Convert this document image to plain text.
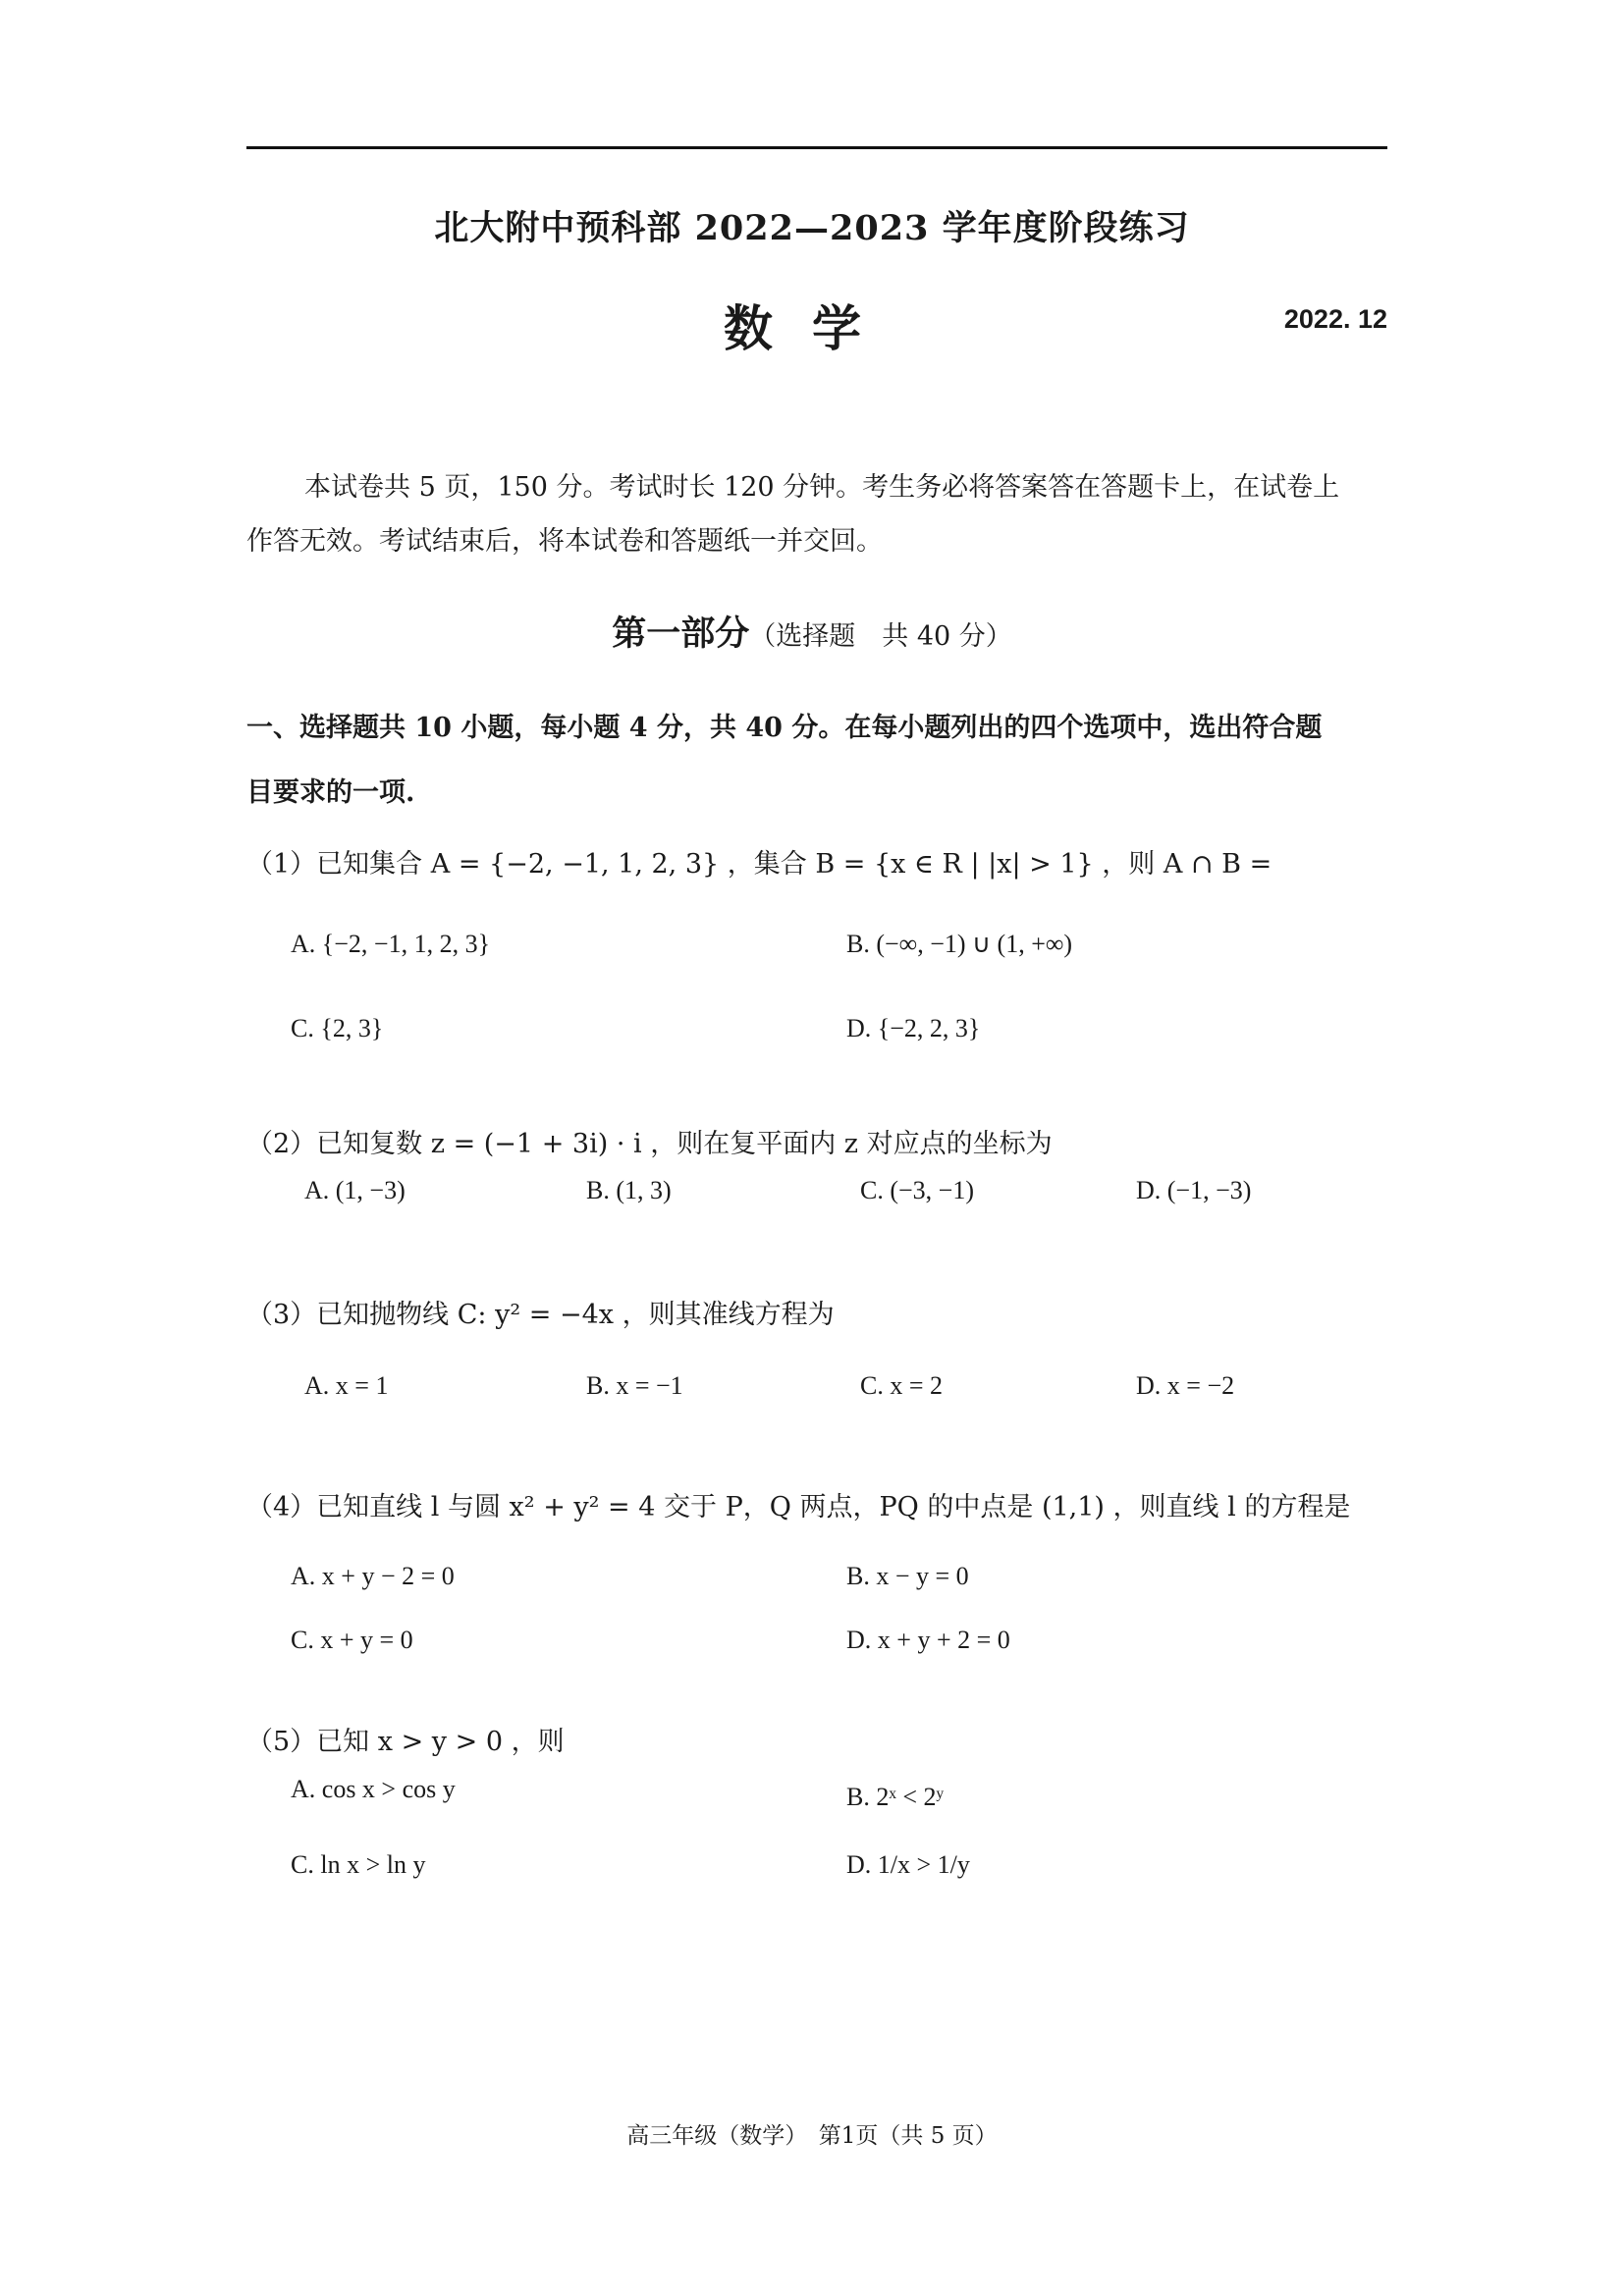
北大附中预科部 2022—2023 学年度阶段练习
数学	2022. 12
本试卷共 5 页，150 分。考试时长 120 分钟。考生务必将答案答在答题卡上，在试卷上
作答无效。考试结束后，将本试卷和答题纸一并交回。
第一部分（选择题　共 40 分）
一、选择题共 10 小题，每小题 4 分，共 40 分。在每小题列出的四个选项中，选出符合题
目要求的一项.
（1）已知集合 A = {−2, −1, 1, 2, 3} ，集合 B = {x ∈ R | |x| > 1} ，则 A ∩ B =
A. {−2, −1, 1, 2, 3}	B. (−∞, −1) ∪ (1, +∞)
C. {2, 3}	D. {−2, 2, 3}
（2）已知复数 z = (−1 + 3i) · i ，则在复平面内 z 对应点的坐标为
A. (1, −3)	B. (1, 3)	C. (−3, −1)	D. (−1, −3)
（3）已知抛物线 C: y² = −4x ，则其准线方程为
A. x = 1	B. x = −1	C. x = 2	D. x = −2
（4）已知直线 l 与圆 x² + y² = 4 交于 P，Q 两点，PQ 的中点是 (1,1) ，则直线 l 的方程是
A. x + y − 2 = 0	B. x − y = 0
C. x + y = 0	D. x + y + 2 = 0
（5）已知 x > y > 0 ，则
A. cos x > cos y	B. 2ˣ < 2ʸ
C. ln x > ln y	D. 1/x > 1/y
高三年级（数学）　第1页（共 5 页）
